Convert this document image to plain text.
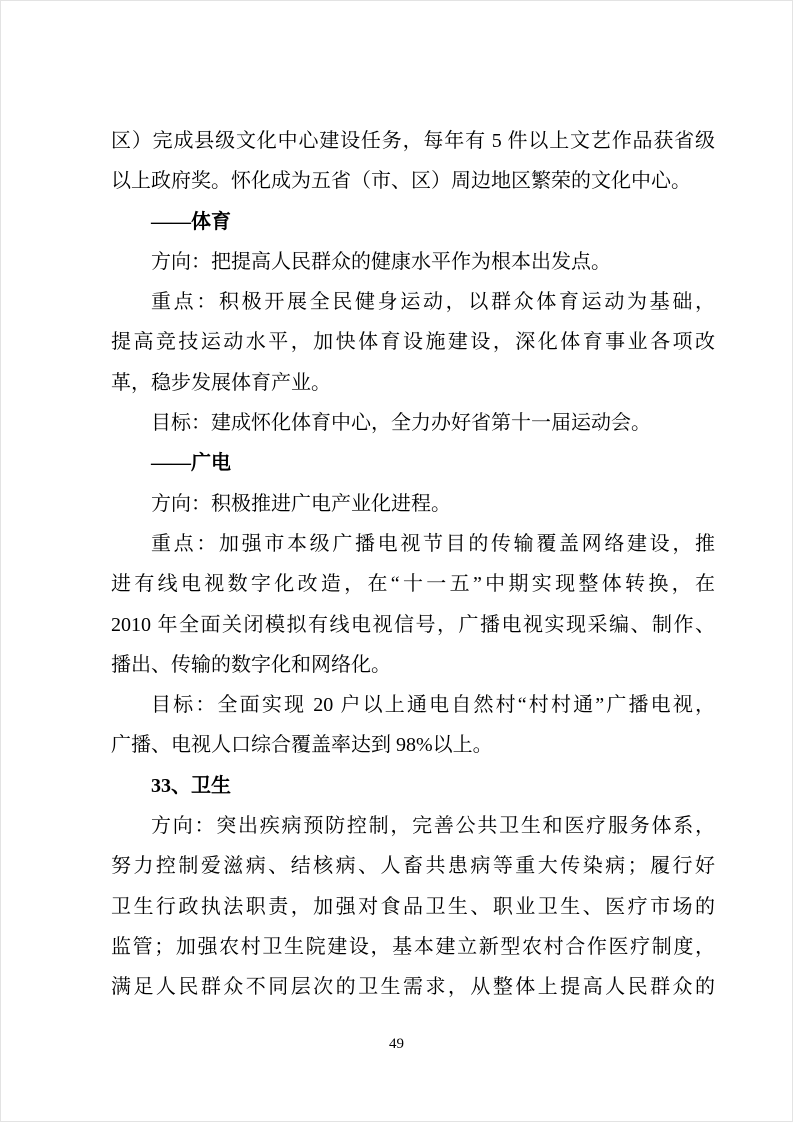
区）完成县级文化中心建设任务，每年有 5 件以上文艺作品获省级
以上政府奖。怀化成为五省（市、区）周边地区繁荣的文化中心。
——体育
方向：把提高人民群众的健康水平作为根本出发点。
重点：积极开展全民健身运动，以群众体育运动为基础，
提高竞技运动水平，加快体育设施建设，深化体育事业各项改
革，稳步发展体育产业。
目标：建成怀化体育中心，全力办好省第十一届运动会。
——广电
方向：积极推进广电产业化进程。
重点：加强市本级广播电视节目的传输覆盖网络建设，推
进有线电视数字化改造，在“十一五”中期实现整体转换，在
2010 年全面关闭模拟有线电视信号，广播电视实现采编、制作、
播出、传输的数字化和网络化。
目标：全面实现 20 户以上通电自然村“村村通”广播电视，
广播、电视人口综合覆盖率达到 98%以上。
33、卫生
方向：突出疾病预防控制，完善公共卫生和医疗服务体系，
努力控制爱滋病、结核病、人畜共患病等重大传染病；履行好
卫生行政执法职责，加强对食品卫生、职业卫生、医疗市场的
监管；加强农村卫生院建设，基本建立新型农村合作医疗制度，
满足人民群众不同层次的卫生需求，从整体上提高人民群众的
49
